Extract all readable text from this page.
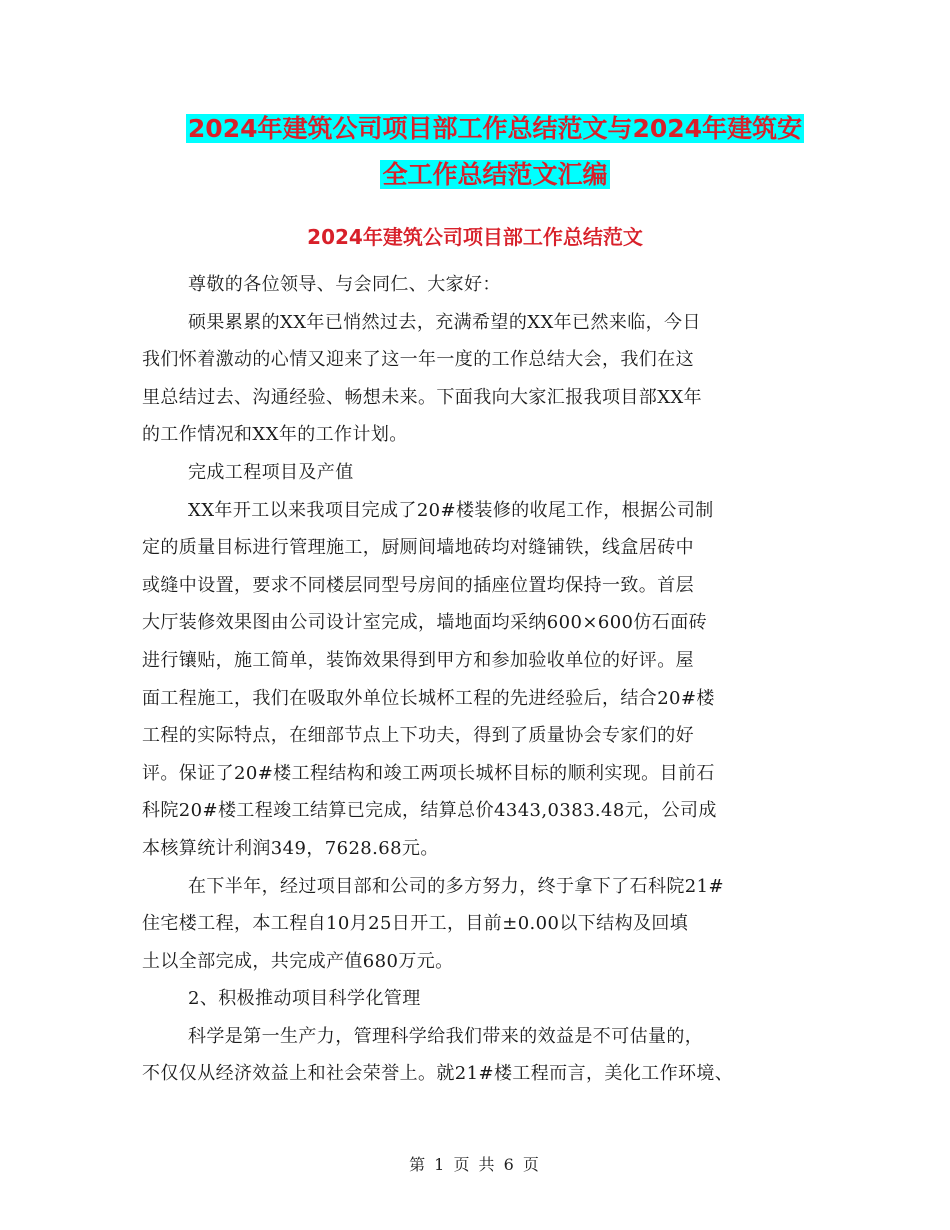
2024年建筑公司项目部工作总结范文与2024年建筑安
全工作总结范文汇编
2024年建筑公司项目部工作总结范文
尊敬的各位领导、与会同仁、大家好：
硕果累累的XX年已悄然过去，充满希望的XX年已然来临，今日
我们怀着激动的心情又迎来了这一年一度的工作总结大会，我们在这
里总结过去、沟通经验、畅想未来。下面我向大家汇报我项目部XX年
的工作情况和XX年的工作计划。
完成工程项目及产值
XX年开工以来我项目完成了20#楼装修的收尾工作，根据公司制
定的质量目标进行管理施工，厨厕间墙地砖均对缝铺铁，线盒居砖中
或缝中设置，要求不同楼层同型号房间的插座位置均保持一致。首层
大厅装修效果图由公司设计室完成，墙地面均采纳600×600仿石面砖
进行镶贴，施工简单，装饰效果得到甲方和参加验收单位的好评。屋
面工程施工，我们在吸取外单位长城杯工程的先进经验后，结合20#楼
工程的实际特点，在细部节点上下功夫，得到了质量协会专家们的好
评。保证了20#楼工程结构和竣工两项长城杯目标的顺利实现。目前石
科院20#楼工程竣工结算已完成，结算总价4343,0383.48元，公司成
本核算统计利润349，7628.68元。
在下半年，经过项目部和公司的多方努力，终于拿下了石科院21#
住宅楼工程，本工程自10月25日开工，目前±0.00以下结构及回填
土以全部完成，共完成产值680万元。
2、积极推动项目科学化管理
科学是第一生产力，管理科学给我们带来的效益是不可估量的，
不仅仅从经济效益上和社会荣誉上。就21#楼工程而言，美化工作环境、
第 1 页 共 6 页
